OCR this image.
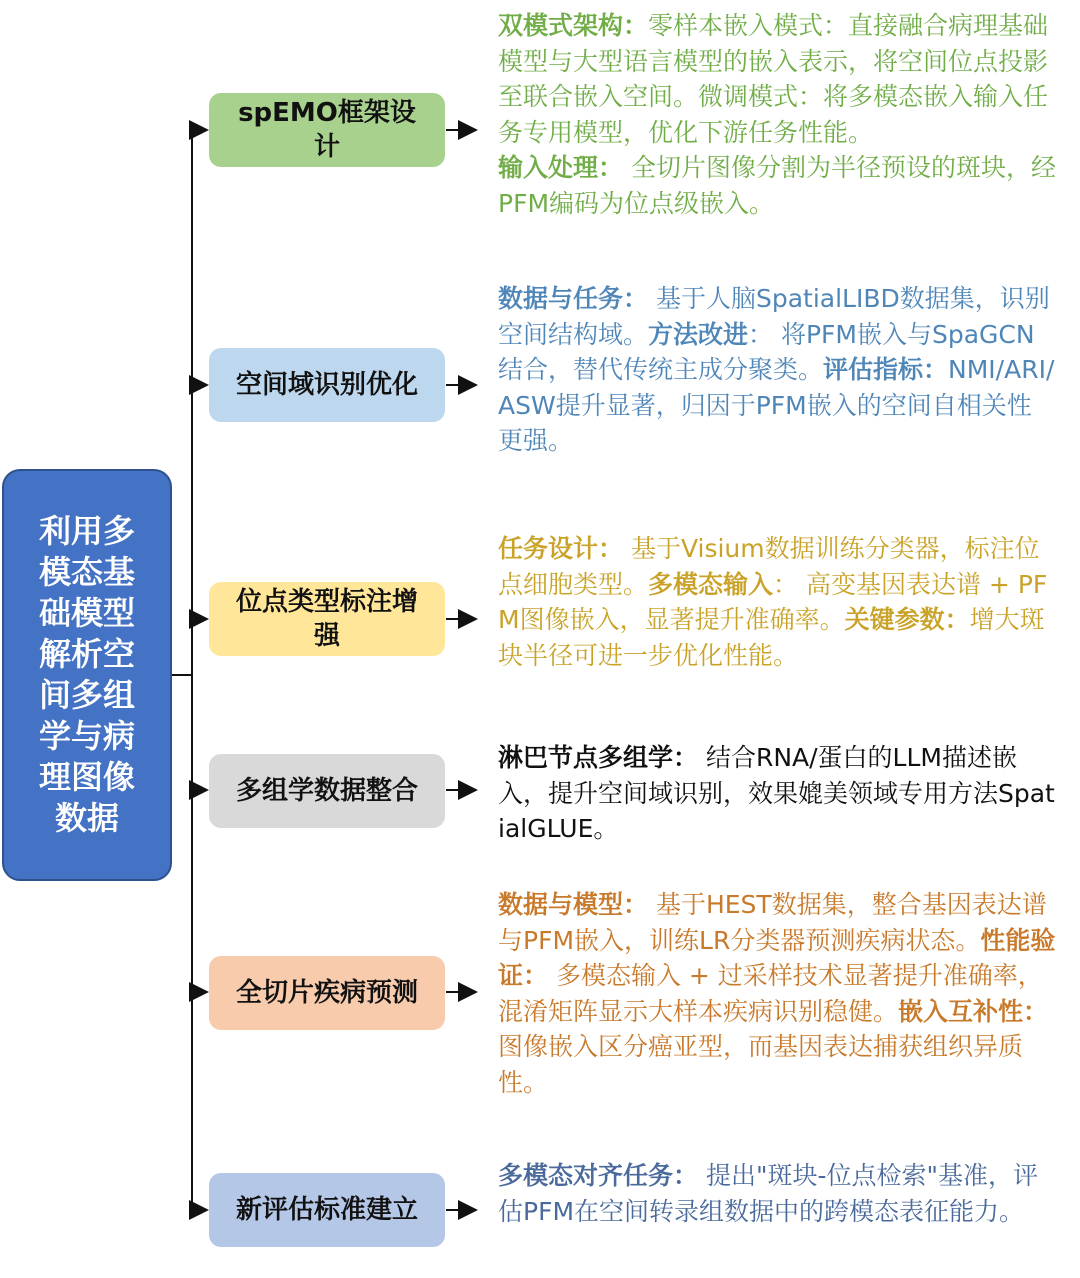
利用多模态基础模型解析空间多组学与病理图像数据
spEMO框架设计
双模式架构：零样本嵌入模式：直接融合病理基础模型与大型语言模型的嵌入表示，将空间位点投影至联合嵌入空间。微调模式：将多模态嵌入输入任务专用模型，优化下游任务性能。
输入处理： 全切片图像分割为半径预设的斑块，经PFM编码为位点级嵌入。
空间域识别优化
数据与任务： 基于人脑SpatialLIBD数据集，识别空间结构域。方法改进： 将PFM嵌入与SpaGCN结合，替代传统主成分聚类。评估指标：NMI/ARI/ASW提升显著，归因于PFM嵌入的空间自相关性更强。
位点类型标注增强
任务设计： 基于Visium数据训练分类器，标注位点细胞类型。多模态输入： 高变基因表达谱 + PFM图像嵌入，显著提升准确率。关键参数：增大斑块半径可进一步优化性能。
多组学数据整合
淋巴节点多组学： 结合RNA/蛋白的LLM描述嵌入，提升空间域识别，效果媲美领域专用方法SpatialGLUE。
全切片疾病预测
数据与模型： 基于HEST数据集，整合基因表达谱与PFM嵌入，训练LR分类器预测疾病状态。性能验证： 多模态输入 + 过采样技术显著提升准确率，混淆矩阵显示大样本疾病识别稳健。嵌入互补性： 图像嵌入区分癌亚型，而基因表达捕获组织异质性。
新评估标准建立
多模态对齐任务： 提出"斑块-位点检索"基准，评估PFM在空间转录组数据中的跨模态表征能力。
